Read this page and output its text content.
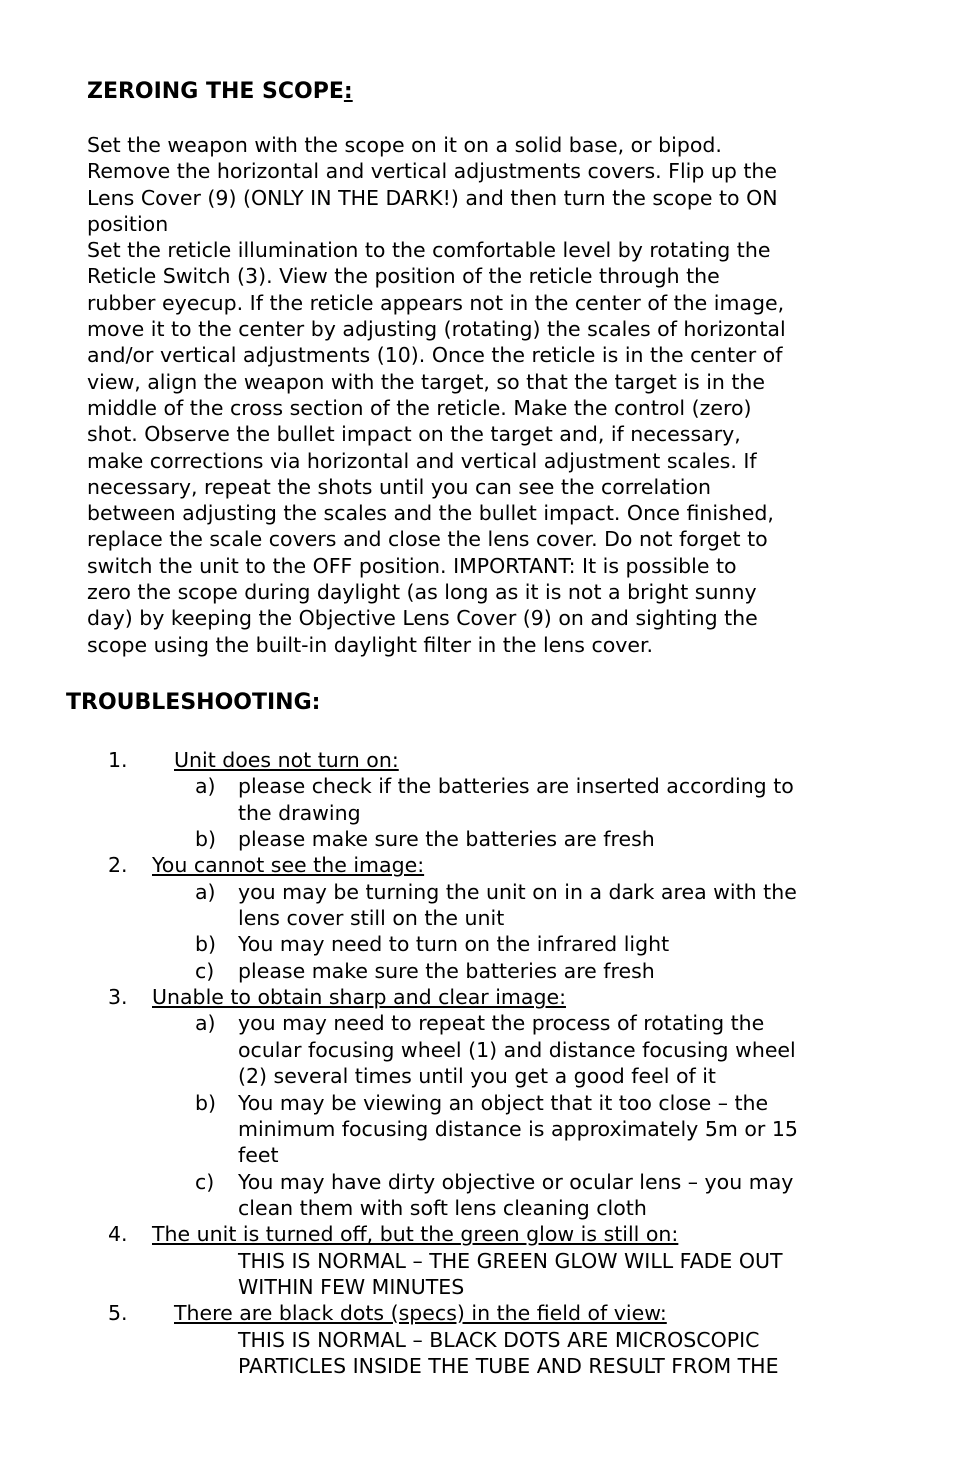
ZEROING THE SCOPE:
Set the weapon with the scope on it on a solid base, or bipod.
Remove the horizontal and vertical adjustments covers. Flip up the
Lens Cover (9) (ONLY IN THE DARK!) and then turn the scope to ON
position
Set the reticle illumination to the comfortable level by rotating the
Reticle Switch (3). View the position of the reticle through the
rubber eyecup. If the reticle appears not in the center of the image,
move it to the center by adjusting (rotating) the scales of horizontal
and/or vertical adjustments (10). Once the reticle is in the center of
view, align the weapon with the target, so that the target is in the
middle of the cross section of the reticle. Make the control (zero)
shot. Observe the bullet impact on the target and, if necessary,
make corrections via horizontal and vertical adjustment scales. If
necessary, repeat the shots until you can see the correlation
between adjusting the scales and the bullet impact. Once finished,
replace the scale covers and close the lens cover. Do not forget to
switch the unit to the OFF position. IMPORTANT: It is possible to
zero the scope during daylight (as long as it is not a bright sunny
day) by keeping the Objective Lens Cover (9) on and sighting the
scope using the built-in daylight filter in the lens cover.
TROUBLESHOOTING:
1. Unit does not turn on:
a) please check if the batteries are inserted according to
the drawing
b) please make sure the batteries are fresh
2. You cannot see the image:
a) you may be turning the unit on in a dark area with the
lens cover still on the unit
b) You may need to turn on the infrared light
c) please make sure the batteries are fresh
3. Unable to obtain sharp and clear image:
a) you may need to repeat the process of rotating the
ocular focusing wheel (1) and distance focusing wheel
(2) several times until you get a good feel of it
b) You may be viewing an object that it too close – the
minimum focusing distance is approximately 5m or 15
feet
c) You may have dirty objective or ocular lens – you may
clean them with soft lens cleaning cloth
4. The unit is turned off, but the green glow is still on:
THIS IS NORMAL – THE GREEN GLOW WILL FADE OUT
WITHIN FEW MINUTES
5. There are black dots (specs) in the field of view:
THIS IS NORMAL – BLACK DOTS ARE MICROSCOPIC
PARTICLES INSIDE THE TUBE AND RESULT FROM THE
